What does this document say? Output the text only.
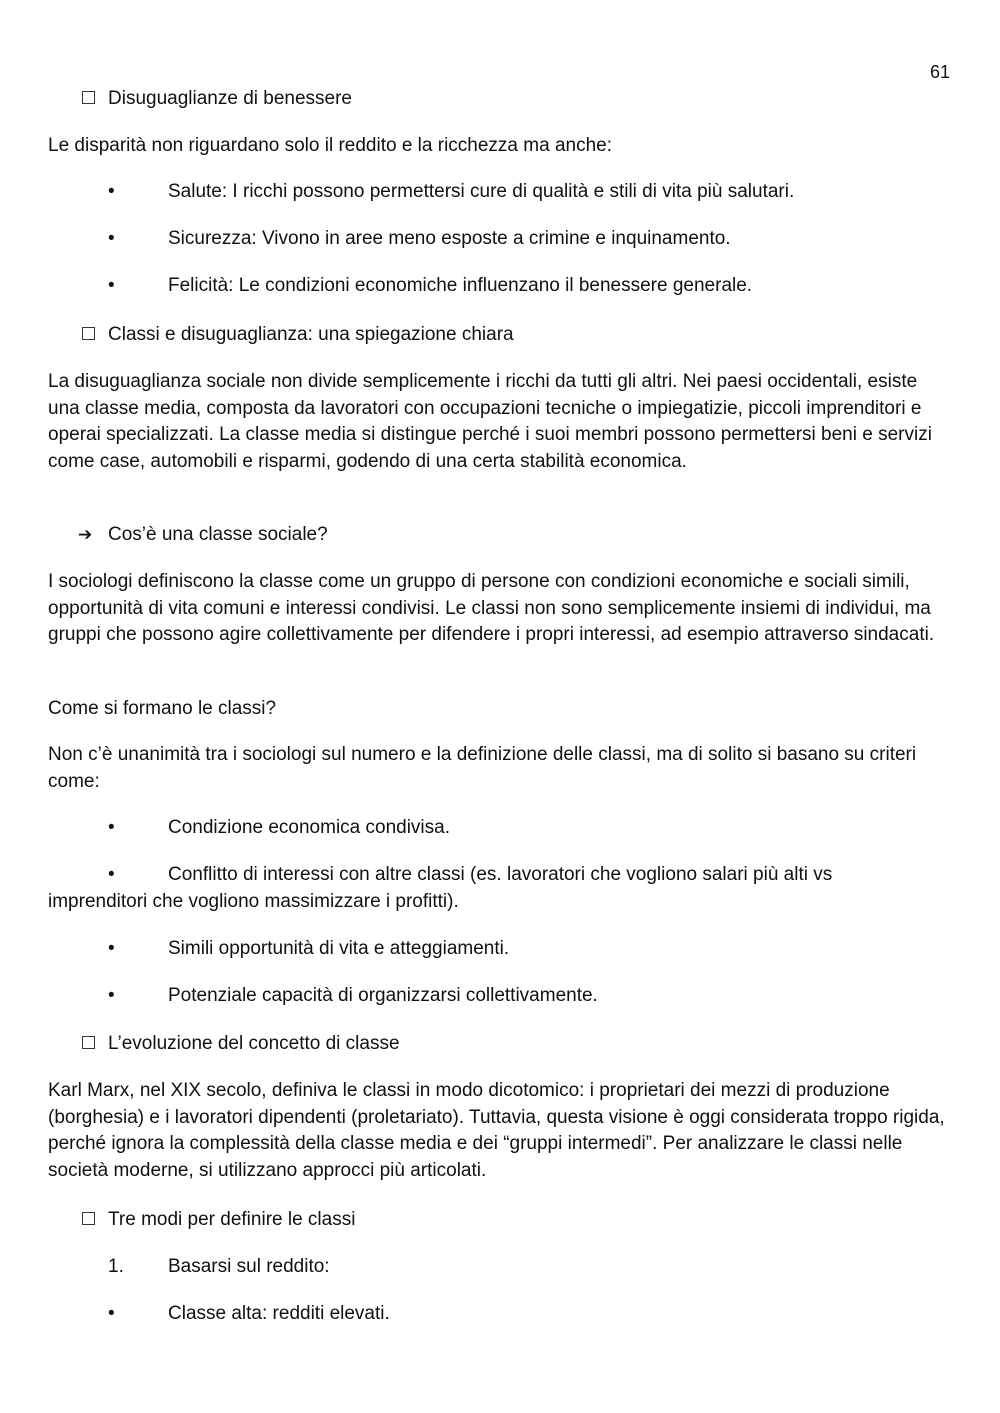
61
Disuguaglianze di benessere
Le disparità non riguardano solo il reddito e la ricchezza ma anche:
•	Salute: I ricchi possono permettersi cure di qualità e stili di vita più salutari.
•	Sicurezza: Vivono in aree meno esposte a crimine e inquinamento.
•	Felicità: Le condizioni economiche influenzano il benessere generale.
Classi e disuguaglianza: una spiegazione chiara
La disuguaglianza sociale non divide semplicemente i ricchi da tutti gli altri. Nei paesi occidentali, esiste una classe media, composta da lavoratori con occupazioni tecniche o impiegatizie, piccoli imprenditori e operai specializzati. La classe media si distingue perché i suoi membri possono permettersi beni e servizi come case, automobili e risparmi, godendo di una certa stabilità economica.
➔ Cos’è una classe sociale?
I sociologi definiscono la classe come un gruppo di persone con condizioni economiche e sociali simili, opportunità di vita comuni e interessi condivisi. Le classi non sono semplicemente insiemi di individui, ma gruppi che possono agire collettivamente per difendere i propri interessi, ad esempio attraverso sindacati.
Come si formano le classi?
Non c’è unanimità tra i sociologi sul numero e la definizione delle classi, ma di solito si basano su criteri come:
•	Condizione economica condivisa.
•	Conflitto di interessi con altre classi (es. lavoratori che vogliono salari più alti vs
imprenditori che vogliono massimizzare i profitti).
•	Simili opportunità di vita e atteggiamenti.
•	Potenziale capacità di organizzarsi collettivamente.
L’evoluzione del concetto di classe
Karl Marx, nel XIX secolo, definiva le classi in modo dicotomico: i proprietari dei mezzi di produzione (borghesia) e i lavoratori dipendenti (proletariato). Tuttavia, questa visione è oggi considerata troppo rigida, perché ignora la complessità della classe media e dei “gruppi intermedi”. Per analizzare le classi nelle società moderne, si utilizzano approcci più articolati.
Tre modi per definire le classi
1. Basarsi sul reddito:
•	Classe alta: redditi elevati.
